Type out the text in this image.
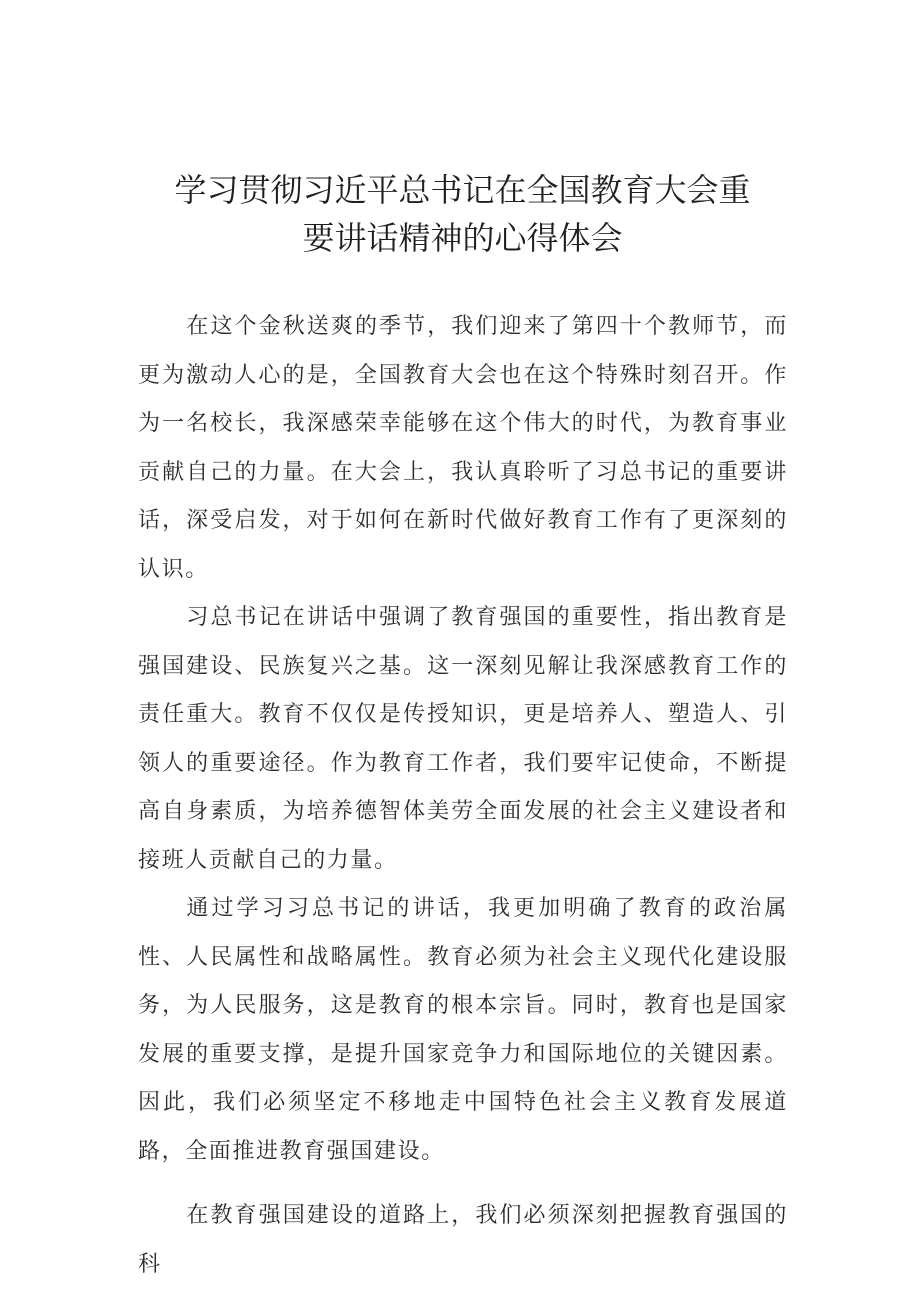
学习贯彻习近平总书记在全国教育大会重
要讲话精神的心得体会

在这个金秋送爽的季节，我们迎来了第四十个教师节，而更为激动人心的是，全国教育大会也在这个特殊时刻召开。作为一名校长，我深感荣幸能够在这个伟大的时代，为教育事业贡献自己的力量。在大会上，我认真聆听了习总书记的重要讲话，深受启发，对于如何在新时代做好教育工作有了更深刻的认识。

习总书记在讲话中强调了教育强国的重要性，指出教育是强国建设、民族复兴之基。这一深刻见解让我深感教育工作的责任重大。教育不仅仅是传授知识，更是培养人、塑造人、引领人的重要途径。作为教育工作者，我们要牢记使命，不断提高自身素质，为培养德智体美劳全面发展的社会主义建设者和接班人贡献自己的力量。

通过学习习总书记的讲话，我更加明确了教育的政治属性、人民属性和战略属性。教育必须为社会主义现代化建设服务，为人民服务，这是教育的根本宗旨。同时，教育也是国家发展的重要支撑，是提升国家竞争力和国际地位的关键因素。因此，我们必须坚定不移地走中国特色社会主义教育发展道路，全面推进教育强国建设。

在教育强国建设的道路上，我们必须深刻把握教育强国的科
